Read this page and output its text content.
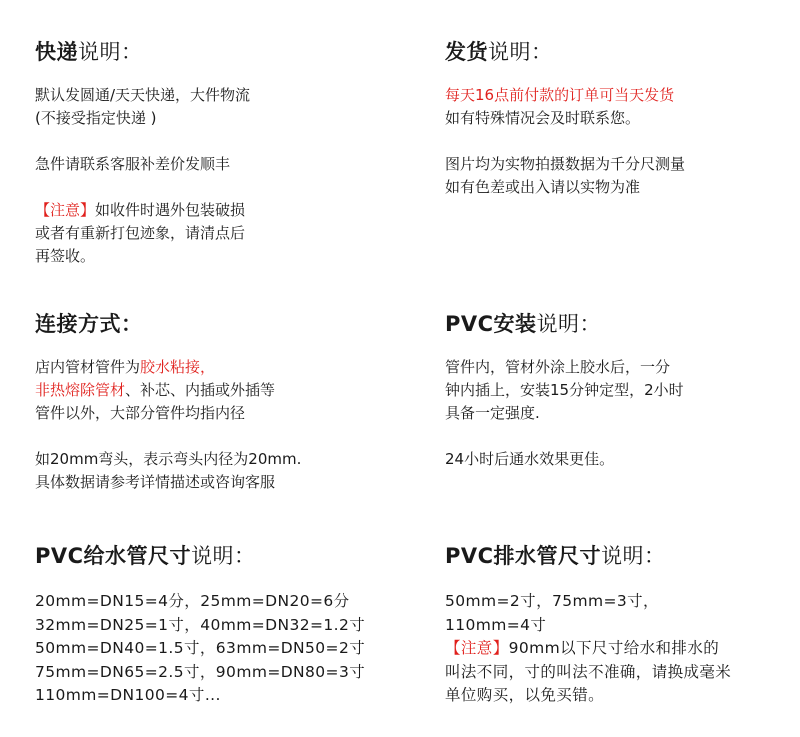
快递说明：

默认发圆通/天天快递，大件物流

(不接受指定快递 )

急件请联系客服补差价发顺丰

【注意】如收件时遇外包装破损

或者有重新打包迹象，请清点后

再签收。

发货说明：

每天16点前付款的订单可当天发货

如有特殊情况会及时联系您。

图片均为实物拍摄数据为千分尺测量

如有色差或出入请以实物为准

连接方式：

店内管材管件为胶水粘接，

非热熔除管材、补芯、内插或外插等

管件以外，大部分管件均指内径

如20mm弯头，表示弯头内径为20mm.

具体数据请参考详情描述或咨询客服

PVC安装说明：

管件内，管材外涂上胶水后，一分

钟内插上，安装15分钟定型，2小时

具备一定强度.

24小时后通水效果更佳。

PVC给水管尺寸说明：

20mm=DN15=4分，25mm=DN20=6分

32mm=DN25=1寸，40mm=DN32=1.2寸

50mm=DN40=1.5寸，63mm=DN50=2寸

75mm=DN65=2.5寸，90mm=DN80=3寸

110mm=DN100=4寸...

PVC排水管尺寸说明：

50mm=2寸，75mm=3寸，

110mm=4寸

【注意】90mm以下尺寸给水和排水的

叫法不同，寸的叫法不准确，请换成毫米

单位购买，以免买错。
